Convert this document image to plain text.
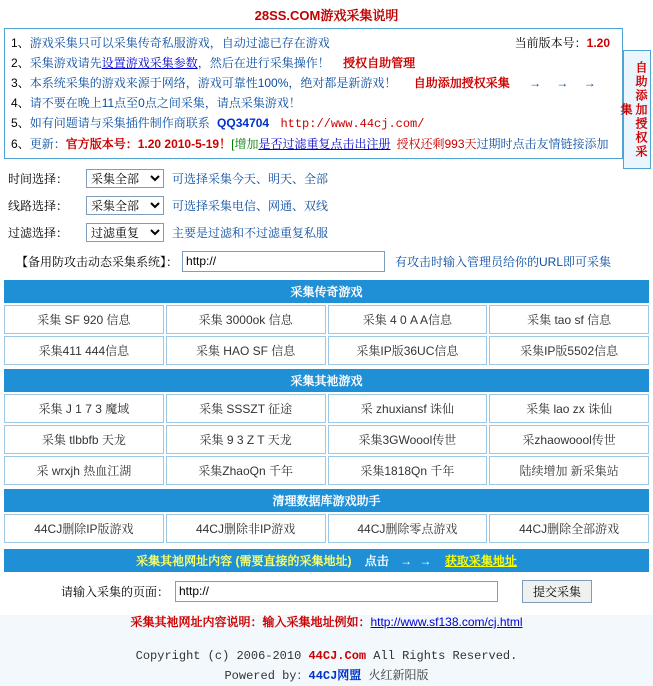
28SS.COM游戏采集说明
1、游戏采集只可以采集传奇私服游戏，自动过滤已存在游戏	当前版本号：1.20
2、采集游戏请先设置游戏采集参数，然后在进行采集操作！ 授权自助管理
3、本系统采集的游戏来源于网络，游戏可靠性100%，绝对都是新游戏！ 自助添加授权采集 → → →
4、请不要在晚上11点至0点之间采集，请点采集游戏！
5、如有问题请与采集插件制作商联系 QQ34704 http://www.44cj.com/
6、更新：官方版本号：1.20 2010-5-19！[增加是否过滤重复点击出注册 授权还剩993天过期时点击友情链接添加	自助添加授权采集
时间选择：
采集全部	可选择采集今天、明天、全部
线路选择：
采集全部	可选择采集电信、网通、双线
过滤选择：
过滤重复	主要是过滤和不过滤重复私服
【备用防攻击动态采集系统】：
http://	有攻击时输入管理员给你的URL即可采集
采集传奇游戏
采集 SF 920 信息	采集 3000ok 信息	采集 4 0 A A信息	采集 tao sf 信息
采集411 444信息	采集 HAO SF 信息	采集IP版36UC信息	采集IP版5502信息
采集其祂游戏
采集 J 1 7 3 魔域	采集 SSSZT 征途	采 zhuxiansf 诛仙	采集 lao zx 诛仙
采集 tlbbfb 天龙	采集 9 3 Z T 天龙	采集3GWoool传世	采zhaowoool传世
采 wrxjh 热血江湖	采集ZhaoQn 千年	采集1818Qn 千年	陆续增加 新采集站
清理数据库游戏助手
44CJ删除IP版游戏	44CJ删除非IP游戏	44CJ删除零点游戏	44CJ删除全部游戏
采集其祂网址内容 (需要直接的采集地址) 点击 → → 获取采集地址
请输入采集的页面：
http://	提交采集
采集其祂网址内容说明：输入采集地址例如：http://www.sf138.com/cj.html
Copyright (c) 2006-2010 44CJ.Com All Rights Reserved.
Powered by：44CJ网盟 火红新阳版
